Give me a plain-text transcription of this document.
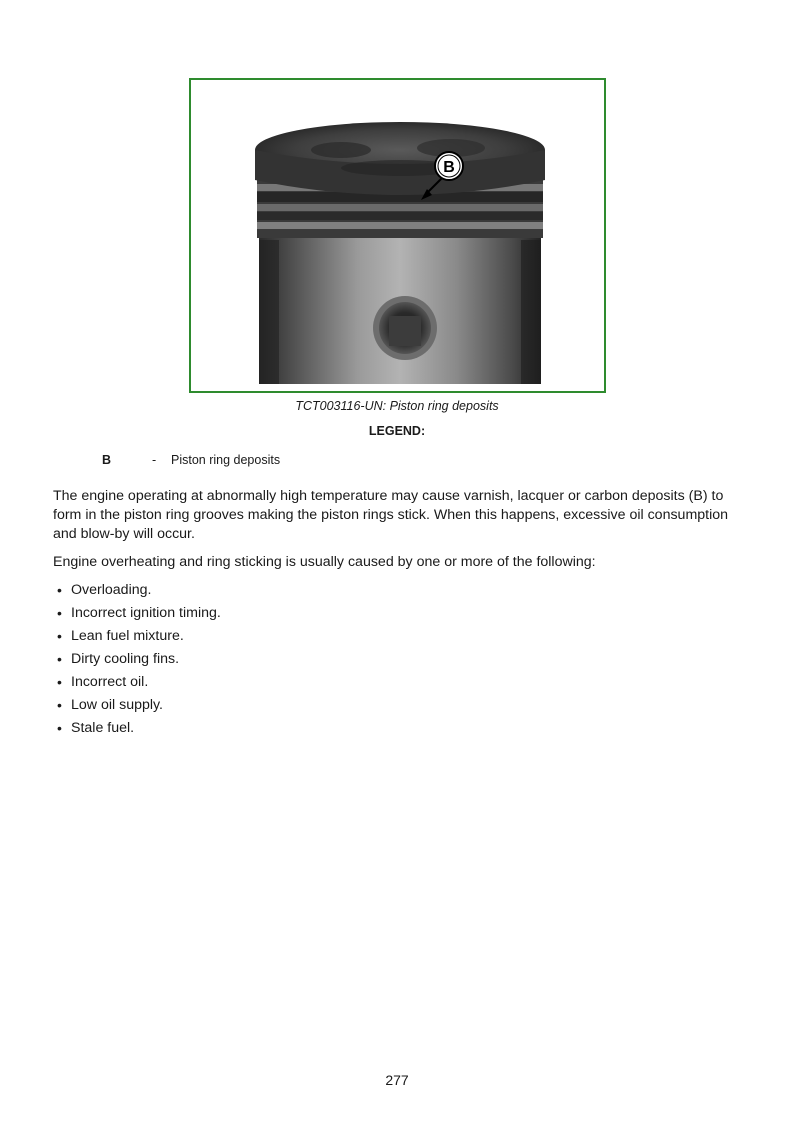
B
TCT003116-UN: Piston ring deposits
LEGEND:
B	- Piston ring deposits
The engine operating at abnormally high temperature may cause varnish, lacquer or carbon deposits (B) to form in the piston ring grooves making the piston rings stick. When this happens, excessive oil consumption and blow-by will occur.
Engine overheating and ring sticking is usually caused by one or more of the following:
• Overloading.
• Incorrect ignition timing.
• Lean fuel mixture.
• Dirty cooling fins.
• Incorrect oil.
• Low oil supply.
• Stale fuel.
277
